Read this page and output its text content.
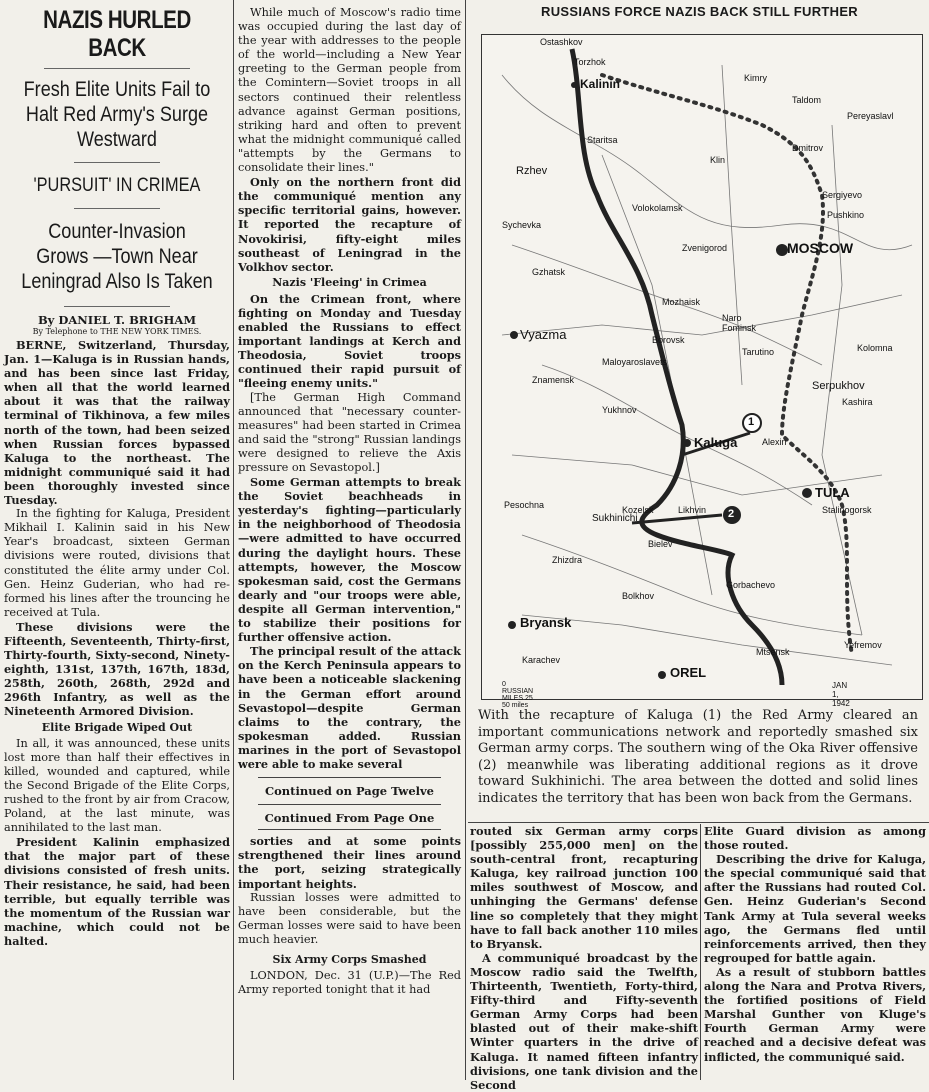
NAZIS HURLED BACK
Fresh Elite Units Fail to Halt Red Army's Surge Westward
'PURSUIT' IN CRIMEA
Counter-Invasion Grows —Town Near Leningrad Also Is Taken
By DANIEL T. BRIGHAM
By Telephone to THE NEW YORK TIMES.

BERNE, Switzerland, Thursday, Jan. 1—Kaluga is in Russian hands, and has been since last Friday, when all that the world learned about it was that the railway terminal of Tikhinova, a few miles north of the town, had been seized when Russian forces bypassed Kaluga to the northeast. The midnight communiqué said it had been thoroughly invested since Tuesday.

In the fighting for Kaluga, President Mikhail I. Kalinin said in his New Year's broadcast, sixteen German divisions were routed, divisions that constituted the élite army under Col. Gen. Heinz Guderian, who had re-formed his lines after the trouncing he received at Tula.

These divisions were the Fifteenth, Seventeenth, Thirty-first, Thirty-fourth, Sixty-second, Ninety-eighth, 131st, 137th, 167th, 183d, 258th, 260th, 268th, 292d and 296th Infantry, as well as the Nineteenth Armored Division.

Elite Brigade Wiped Out

In all, it was announced, these units lost more than half their effectives in killed, wounded and captured, while the Second Brigade of the Elite Corps, rushed to the front by air from Cracow, Poland, at the last minute, was annihilated to the last man.

President Kalinin emphasized that the major part of these divisions consisted of fresh units. Their resistance, he said, had been terrible, but equally terrible was the momentum of the Russian war machine, which could not be halted.

While much of Moscow's radio time was occupied during the last day of the year with addresses to the people of the world—including a New Year greeting to the German people from the Comintern—Soviet troops in all sectors continued their relentless advance against German positions, striking hard and often to prevent what the midnight communiqué called "attempts by the Germans to consolidate their lines."

Only on the northern front did the communiqué mention any specific territorial gains, however. It reported the recapture of Novokirisi, fifty-eight miles southeast of Leningrad in the Volkhov sector.

Nazis 'Fleeing' in Crimea

On the Crimean front, where fighting on Monday and Tuesday enabled the Russians to effect important landings at Kerch and Theodosia, Soviet troops continued their rapid pursuit of "fleeing enemy units."

[The German High Command announced that "necessary counter-measures" had been started in Crimea and said the "strong" Russian landings were designed to relieve the Axis pressure on Sevastopol.]

Some German attempts to break the Soviet beachheads in yesterday's fighting—particularly in the neighborhood of Theodosia—were admitted to have occurred during the daylight hours. These attempts, however, the Moscow spokesman said, cost the Germans dearly and "our troops were able, despite all German intervention," to stabilize their positions for further offensive action.

The principal result of the attack on the Kerch Peninsula appears to have been a noticeable slackening in the German effort around Sevastopol—despite German claims to the contrary, the spokesman added. Russian marines in the port of Sevastopol were able to make several

Continued on Page Twelve
Continued From Page One

sorties and at some points strengthened their lines around the port, seizing strategically important heights.

Russian losses were admitted to have been considerable, but the German losses were said to have been much heavier.

Six Army Corps Smashed

LONDON, Dec. 31 (U.P.)—The Red Army reported tonight that it had

RUSSIANS FORCE NAZIS BACK STILL FURTHER
MOSCOW
TULA
Kaluga
Vyazma
Bryansk
OREL
Kalinin
Serpukhov
Sukhinichi
Mozhaisk
Rzhev
Torzhok
Ostashkov
Klin
Dmitrov
Sergiyevo
Pushkino
Kolomna
Kashira
Alexin
Kozelsk	Likhvin
Bielev
Mtsensk
Yefremov
Stalinogorsk
Zhizdra
Yukhnov
Sychevka
Gzhatsk
Volokolamsk
Zvenigorod
Naro Fominsk
Maloyaroslavets
Borovsk
Tarutino
Pesochna
Karachev
Bolkhov
Gorbachevo
Znamensk
Staritsa
Kimry
Taldom
Pereyaslavl
1
2
0 RUSSIAN MILES 25 50 miles
JAN 1, 1942
With the recapture of Kaluga (1) the Red Army cleared an important communications network and reportedly smashed six German army corps. The southern wing of the Oka River offensive (2) meanwhile was liberating additional regions as it drove toward Sukhinichi. The area between the dotted and solid lines indicates the territory that has been won back from the Germans.

routed six German army corps [possibly 255,000 men] on the south-central front, recapturing Kaluga, key railroad junction 100 miles southwest of Moscow, and unhinging the Germans' defense line so completely that they might have to fall back another 110 miles to Bryansk.

A communiqué broadcast by the Moscow radio said the Twelfth, Thirteenth, Twentieth, Forty-third, Fifty-third and Fifty-seventh German Army Corps had been blasted out of their make-shift Winter quarters in the drive of Kaluga. It named fifteen infantry divisions, one tank division and the Second

Elite Guard division as among those routed.

Describing the drive for Kaluga, the special communiqué said that after the Russians had routed Col. Gen. Heinz Guderian's Second Tank Army at Tula several weeks ago, the Germans fled until reinforcements arrived, then they regrouped for battle again.

As a result of stubborn battles along the Nara and Protva Rivers, the fortified positions of Field Marshal Gunther von Kluge's Fourth German Army were reached and a decisive defeat was inflicted, the communiqué said.
